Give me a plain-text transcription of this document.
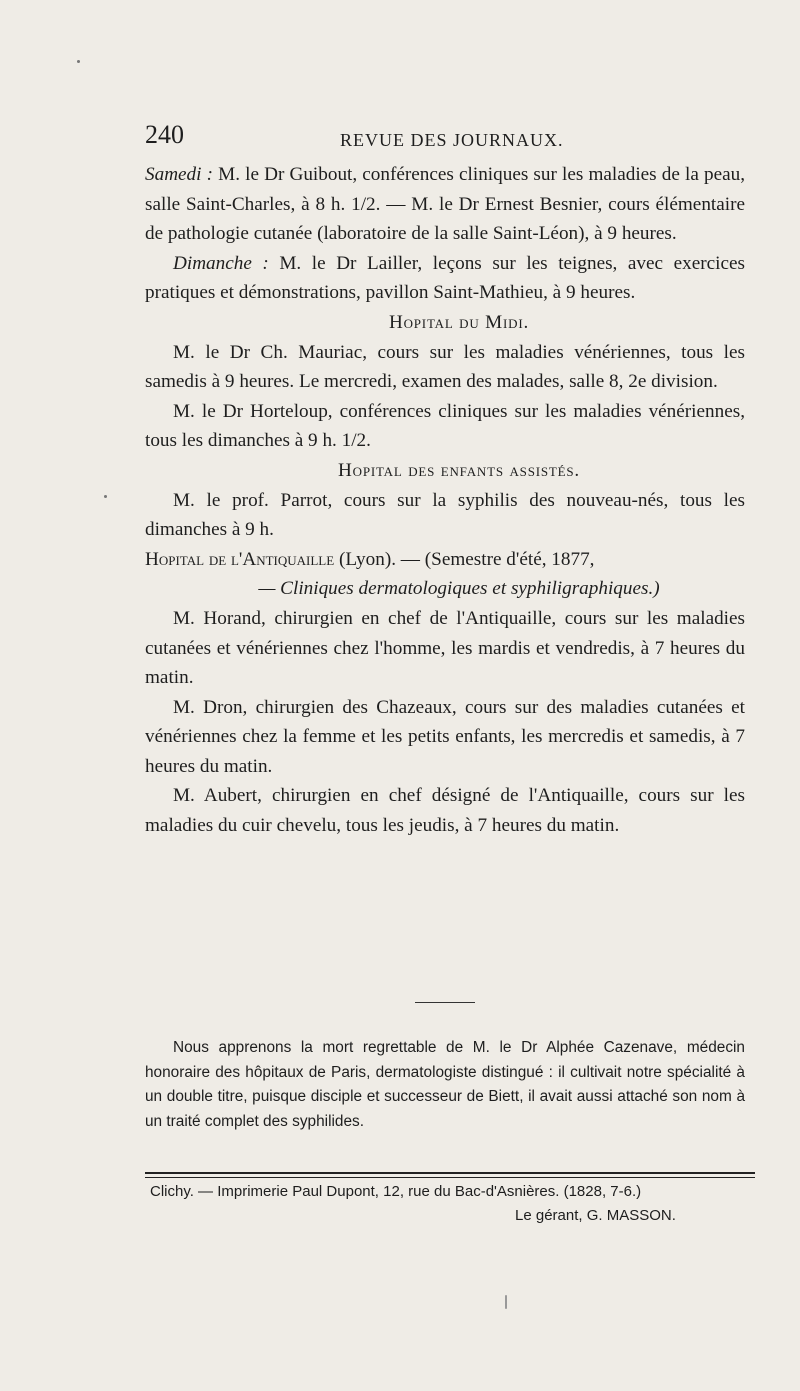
240	REVUE DES JOURNAUX.

Samedi : M. le Dr Guibout, conférences cliniques sur les maladies de la peau, salle Saint-Charles, à 8 h. 1/2. — M. le Dr Ernest Besnier, cours élémentaire de pathologie cutanée (laboratoire de la salle Saint-Léon), à 9 heures.

Dimanche : M. le Dr Lailler, leçons sur les teignes, avec exercices pratiques et démonstrations, pavillon Saint-Mathieu, à 9 heures.

Hopital du Midi.

M. le Dr Ch. Mauriac, cours sur les maladies vénériennes, tous les samedis à 9 heures. Le mercredi, examen des malades, salle 8, 2e division.

M. le Dr Horteloup, conférences cliniques sur les maladies vénériennes, tous les dimanches à 9 h. 1/2.

Hopital des enfants assistés.

M. le prof. Parrot, cours sur la syphilis des nouveau-nés, tous les dimanches à 9 h.

Hopital de l'Antiquaille (Lyon). — (Semestre d'été, 1877,

— Cliniques dermatologiques et syphiligraphiques.)

M. Horand, chirurgien en chef de l'Antiquaille, cours sur les maladies cutanées et vénériennes chez l'homme, les mardis et vendredis, à 7 heures du matin.

M. Dron, chirurgien des Chazeaux, cours sur des maladies cutanées et vénériennes chez la femme et les petits enfants, les mercredis et samedis, à 7 heures du matin.

M. Aubert, chirurgien en chef désigné de l'Antiquaille, cours sur les maladies du cuir chevelu, tous les jeudis, à 7 heures du matin.

Nous apprenons la mort regrettable de M. le Dr Alphée Cazenave, médecin honoraire des hôpitaux de Paris, dermatologiste distingué : il cultivait notre spécialité à un double titre, puisque disciple et successeur de Biett, il avait aussi attaché son nom à un traité complet des syphilides.

Clichy. — Imprimerie Paul Dupont, 12, rue du Bac-d'Asnières. (1828, 7-6.)
Le gérant, G. MASSON.
